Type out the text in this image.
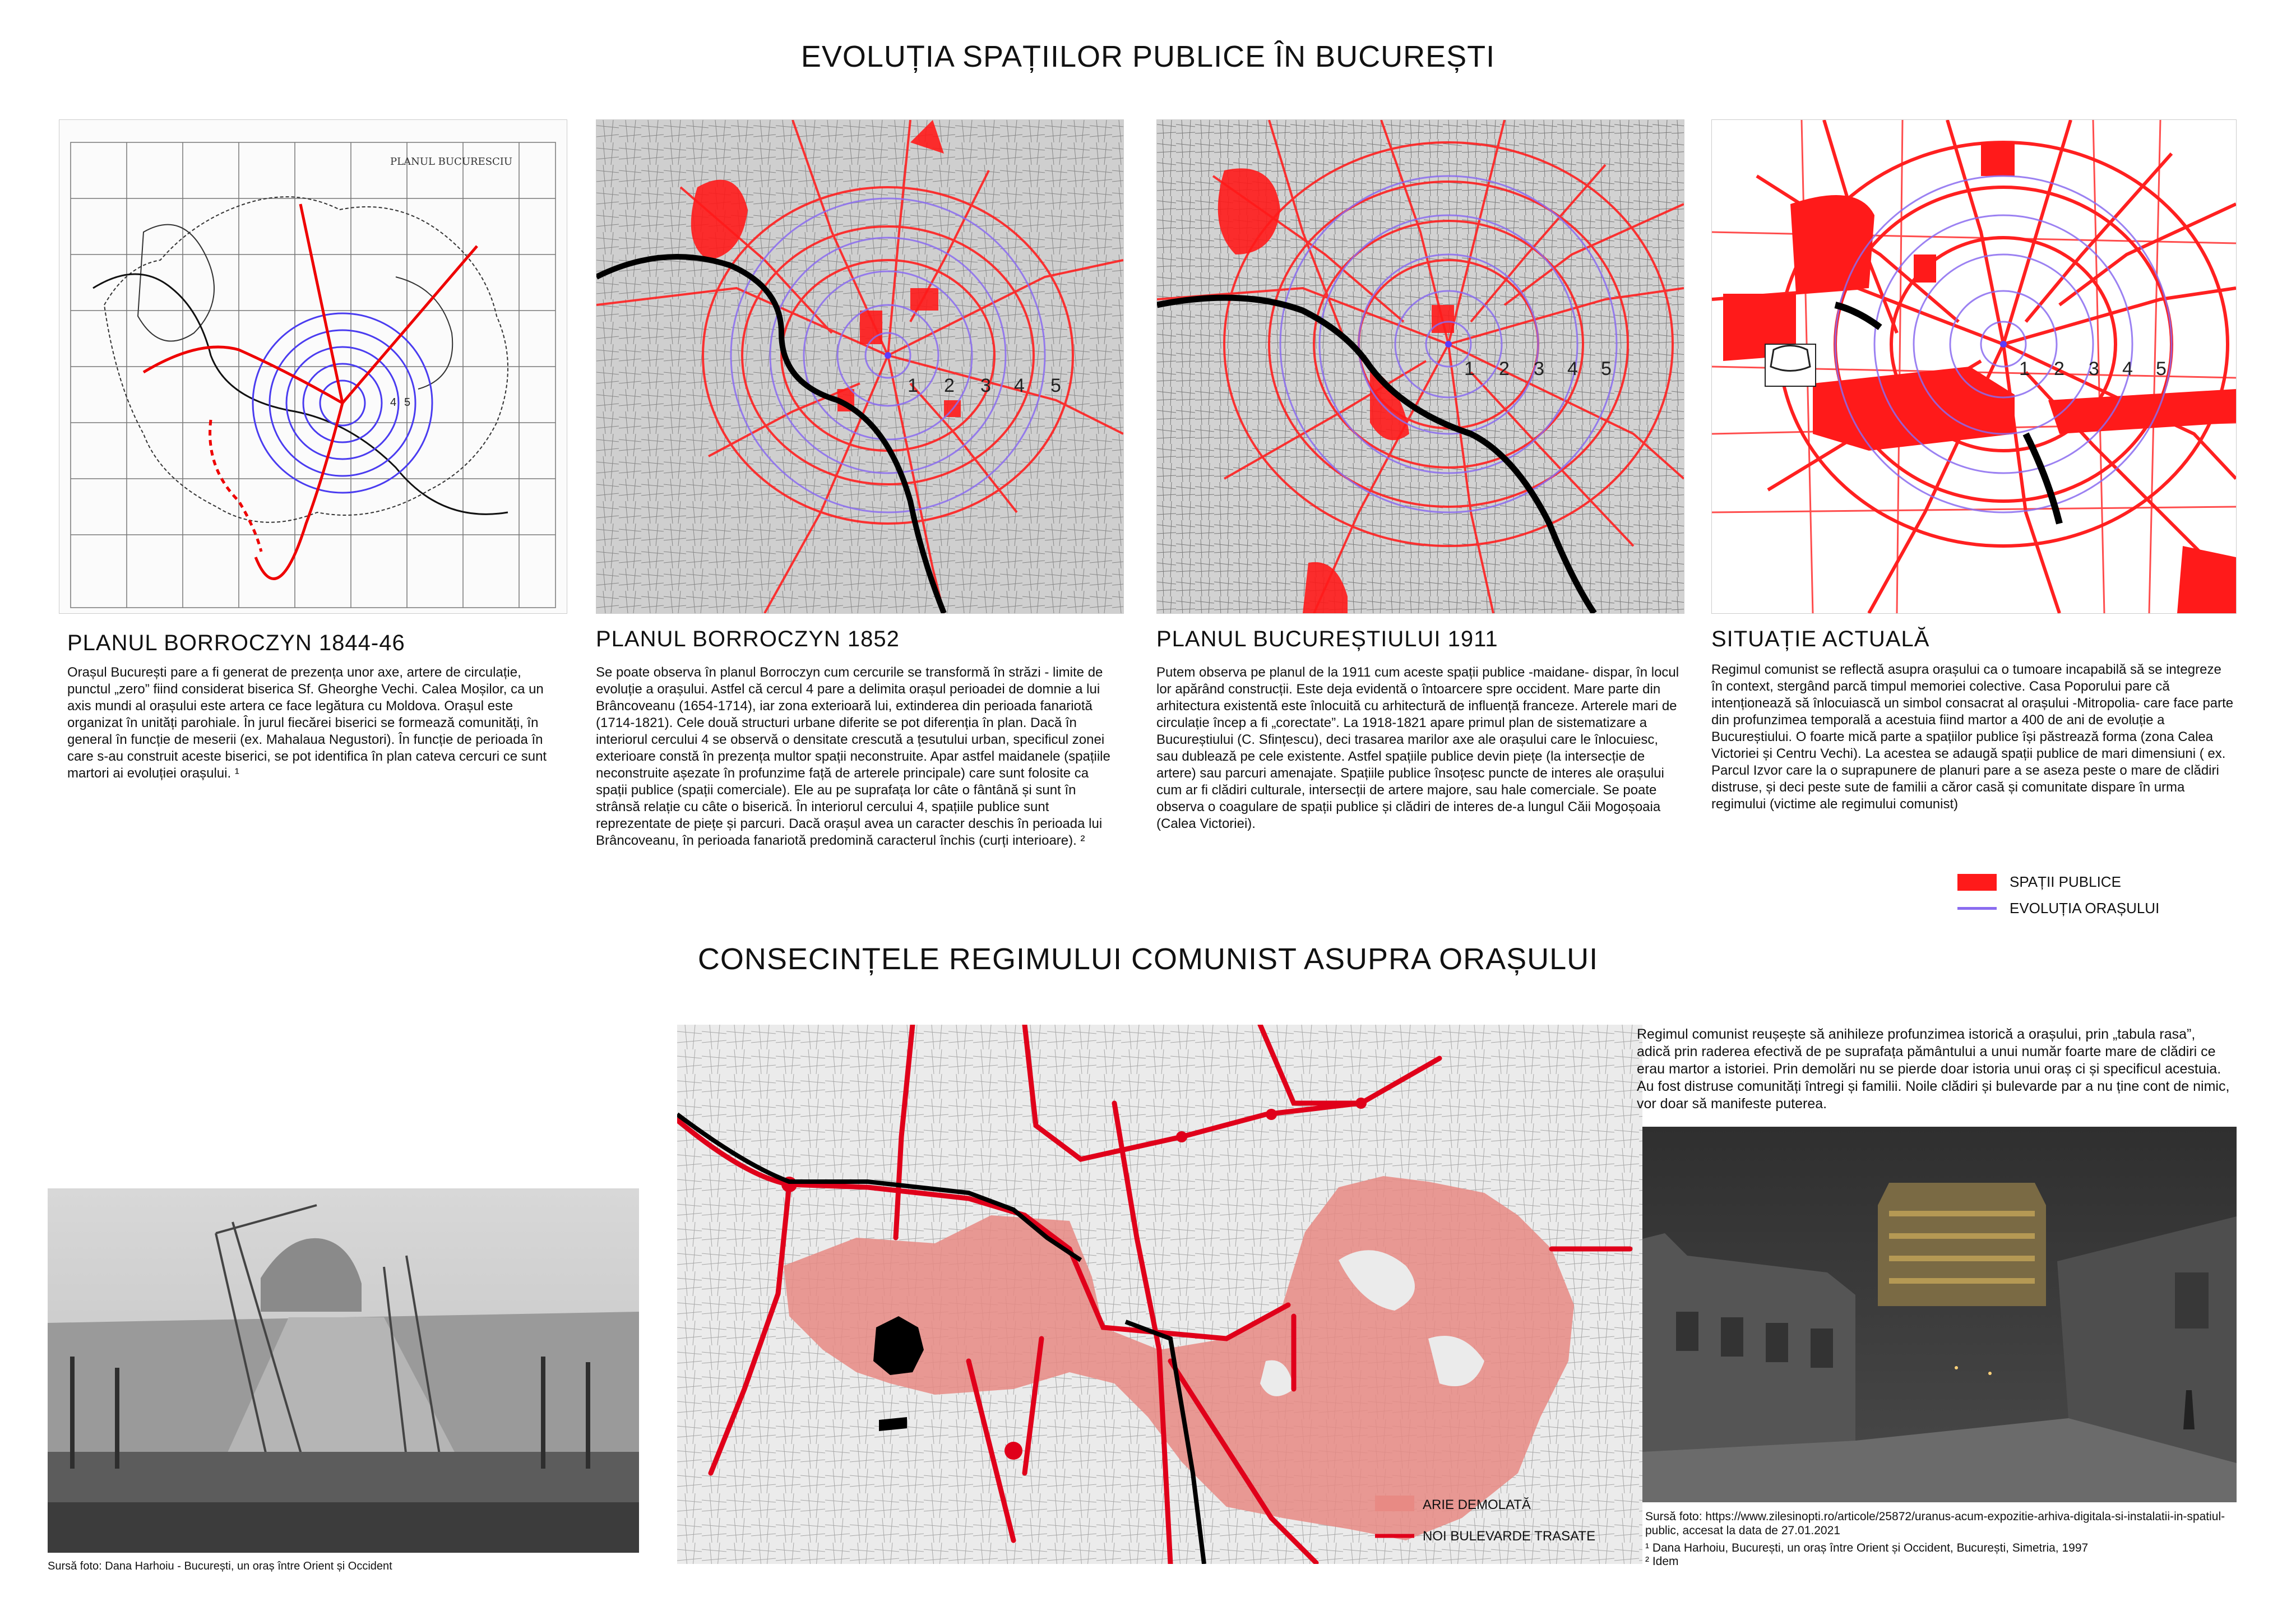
EVOLUȚIA SPAȚIILOR PUBLICE ÎN BUCUREȘTI
PLANUL BUCURESCIU
4 5
1 2 3 4 5
1 2 3 4 5	1 2 3 4 5
PLANUL BORROCZYN 1844-46
Orașul București pare a fi generat de prezența unor axe, artere de circulație, punctul „zero” fiind considerat biserica Sf. Gheorghe Vechi. Calea Moșilor, ca un axis mundi al orașului este artera ce face legătura cu Moldova. Orașul este organizat în unități parohiale. În jurul fiecărei biserici se formează comunități, în general în funcție de meserii (ex. Mahalaua Negustori). În funcție de perioada în care s-au construit aceste biserici, se pot identifica în plan cateva cercuri ce sunt martori ai evoluției orașului. ¹
PLANUL BORROCZYN 1852
Se poate observa în planul Borroczyn cum cercurile se transformă în străzi - limite de evoluție a orașului. Astfel că cercul 4 pare a delimita orașul perioadei de domnie a lui Brâncoveanu (1654-1714), iar zona exterioară lui, extinderea din perioada fanariotă (1714-1821). Cele două structuri urbane diferite se pot diferenția în plan. Dacă în interiorul cercului 4 se observă o densitate crescută a țesutului urban, specificul zonei exterioare constă în prezența multor spații neconstruite. Apar astfel maidanele (spațiile neconstruite așezate în profunzime față de arterele principale) care sunt folosite ca spații publice (spații comerciale). Ele au pe suprafața lor câte o fântână și sunt în strânsă relație cu câte o biserică. În interiorul cercului 4, spațiile publice sunt reprezentate de piețe și parcuri. Dacă orașul avea un caracter deschis în perioada lui Brâncoveanu, în perioada fanariotă predomină caracterul închis (curți interioare). ²
PLANUL BUCUREȘTIULUI 1911
Putem observa pe planul de la 1911 cum aceste spații publice -maidane- dispar, în locul lor apărând construcții. Este deja evidentă o întoarcere spre occident. Mare parte din arhitectura existentă este înlocuită cu arhitectură de influență franceze. Arterele mari de circulație încep a fi „corectate”. La 1918-1821 apare primul plan de sistematizare a Bucureștiului (C. Sfințescu), deci trasarea marilor axe ale orașului care le înlocuiesc, sau dublează pe cele existente. Astfel spațiile publice devin piețe (la intersecție de artere) sau parcuri amenajate. Spațiile publice însoțesc puncte de interes ale orașului cum ar fi clădiri culturale, intersecții de artere majore, sau hale comerciale. Se poate observa o coagulare de spații publice și clădiri de interes de-a lungul Căii Mogoșoaia (Calea Victoriei).
SITUAȚIE ACTUALĂ
Regimul comunist se reflectă asupra orașului ca o tumoare incapabilă să se integreze în context, stergând parcă timpul memoriei colective. Casa Poporului pare că intenționează să înlocuiască un simbol consacrat al orașului -Mitropolia- care face parte din profunzimea temporală a acestuia fiind martor a 400 de ani de evoluție a Bucureștiului. O foarte mică parte a spațiilor publice își păstrează forma (zona Calea Victoriei și Centru Vechi). La acestea se adaugă spații publice de mari dimensiuni ( ex. Parcul Izvor care la o suprapunere de planuri pare a se aseza peste o mare de clădiri distruse, și deci peste sute de familii a căror casă și comunitate dispare în urma regimului (victime ale regimului comunist)
SPAȚII PUBLICE
EVOLUȚIA ORAȘULUI
CONSECINȚELE REGIMULUI COMUNIST ASUPRA ORAȘULUI
Sursă foto: Dana Harhoiu - București, un oraș între Orient și Occident
ARIE DEMOLATĂ
NOI BULEVARDE TRASATE
Regimul comunist reușește să anihileze profunzimea istorică a orașului, prin „tabula rasa”, adică prin raderea efectivă de pe suprafața pământului a unui număr foarte mare de clădiri ce erau martor a istoriei. Prin demolări nu se pierde doar istoria unui oraș ci și specificul acestuia. Au fost distruse comunități întregi și familii. Noile clădiri și bulevarde par a nu ține cont de nimic, vor doar să manifeste puterea.
Sursă foto: https://www.zilesinopti.ro/articole/25872/uranus-acum-expozitie-arhiva-digitala-si-instalatii-in-spatiul-public, accesat la data de 27.01.2021
¹ Dana Harhoiu, București, un oraș între Orient și Occident, București, Simetria, 1997
² Idem
